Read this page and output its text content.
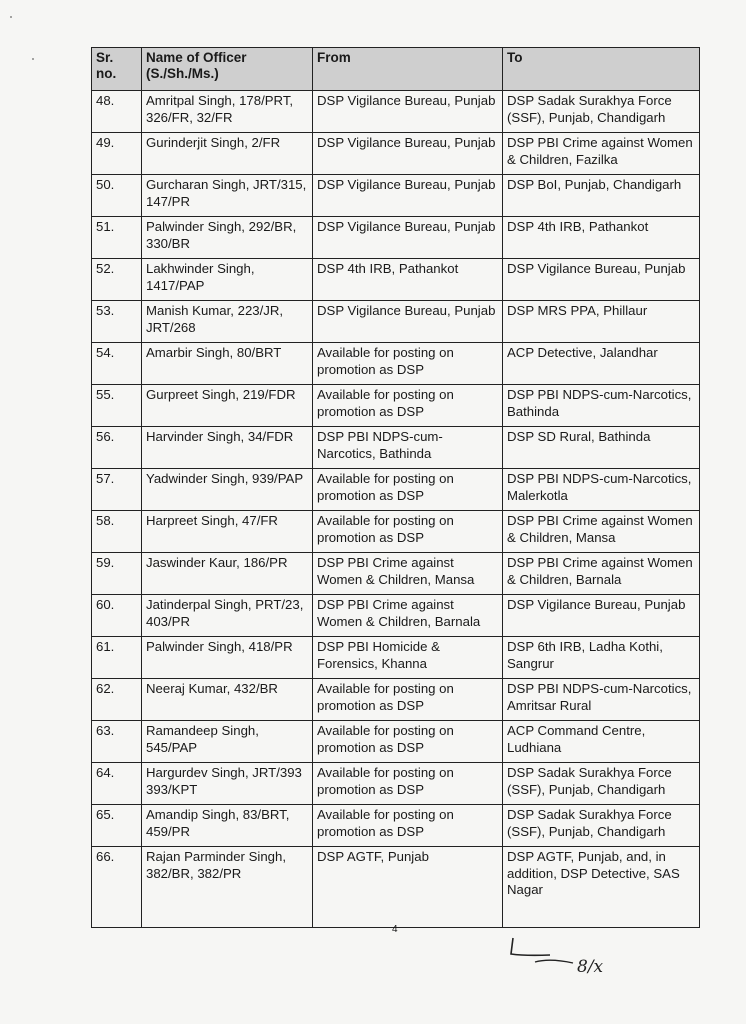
Sr. no.	Name of Officer (S./Sh./Ms.)	From	To
48.	Amritpal Singh, 178/PRT, 326/FR, 32/FR	DSP Vigilance Bureau, Punjab	DSP Sadak Surakhya Force (SSF), Punjab, Chandigarh
49.	Gurinderjit Singh, 2/FR	DSP Vigilance Bureau, Punjab	DSP PBI Crime against Women & Children, Fazilka
50.	Gurcharan Singh, JRT/315, 147/PR	DSP Vigilance Bureau, Punjab	DSP BoI, Punjab, Chandigarh
51.	Palwinder Singh, 292/BR, 330/BR	DSP Vigilance Bureau, Punjab	DSP 4th IRB, Pathankot
52.	Lakhwinder Singh, 1417/PAP	DSP 4th IRB, Pathankot	DSP Vigilance Bureau, Punjab
53.	Manish Kumar, 223/JR, JRT/268	DSP Vigilance Bureau, Punjab	DSP MRS PPA, Phillaur
54.	Amarbir Singh, 80/BRT	Available for posting on promotion as DSP	ACP Detective, Jalandhar
55.	Gurpreet Singh, 219/FDR	Available for posting on promotion as DSP	DSP PBI NDPS-cum-Narcotics, Bathinda
56.	Harvinder Singh, 34/FDR	DSP PBI NDPS-cum-Narcotics, Bathinda	DSP SD Rural, Bathinda
57.	Yadwinder Singh, 939/PAP	Available for posting on promotion as DSP	DSP PBI NDPS-cum-Narcotics, Malerkotla
58.	Harpreet Singh, 47/FR	Available for posting on promotion as DSP	DSP PBI Crime against Women & Children, Mansa
59.	Jaswinder Kaur, 186/PR	DSP PBI Crime against Women & Children, Mansa	DSP PBI Crime against Women & Children, Barnala
60.	Jatinderpal Singh, PRT/23, 403/PR	DSP PBI Crime against Women & Children, Barnala	DSP Vigilance Bureau, Punjab
61.	Palwinder Singh, 418/PR	DSP PBI Homicide & Forensics, Khanna	DSP 6th IRB, Ladha Kothi, Sangrur
62.	Neeraj Kumar, 432/BR	Available for posting on promotion as DSP	DSP PBI NDPS-cum-Narcotics, Amritsar Rural
63.	Ramandeep Singh, 545/PAP	Available for posting on promotion as DSP	ACP Command Centre, Ludhiana
64.	Hargurdev Singh, JRT/393 393/KPT	Available for posting on promotion as DSP	DSP Sadak Surakhya Force (SSF), Punjab, Chandigarh
65.	Amandip Singh, 83/BRT, 459/PR	Available for posting on promotion as DSP	DSP Sadak Surakhya Force (SSF), Punjab, Chandigarh
66.	Rajan Parminder Singh, 382/BR, 382/PR	DSP AGTF, Punjab	DSP AGTF, Punjab, and, in addition, DSP Detective, SAS Nagar
4
8/x
